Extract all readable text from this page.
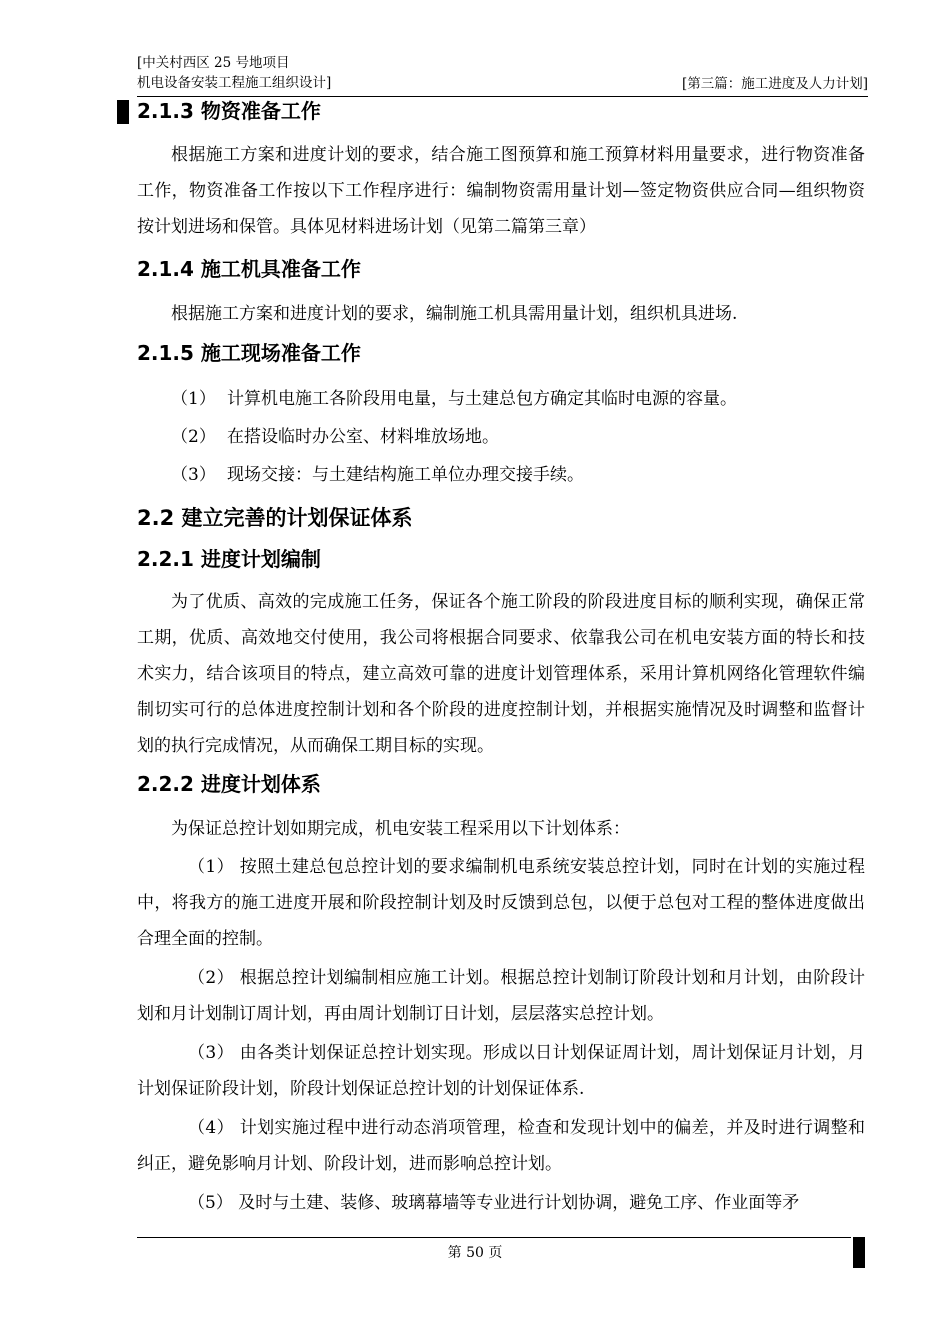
[中关村西区 25 号地项目
机电设备安装工程施工组织设计]	[第三篇：施工进度及人力计划]
2.1.3 物资准备工作

根据施工方案和进度计划的要求，结合施工图预算和施工预算材料用量要求，进行物资准备工作，物资准备工作按以下工作程序进行：编制物资需用量计划—签定物资供应合同—组织物资按计划进场和保管。具体见材料进场计划（见第二篇第三章）

2.1.4 施工机具准备工作

根据施工方案和进度计划的要求，编制施工机具需用量计划，组织机具进场.

2.1.5 施工现场准备工作

（1） 计算机电施工各阶段用电量，与土建总包方确定其临时电源的容量。

（2） 在搭设临时办公室、材料堆放场地。

（3） 现场交接：与土建结构施工单位办理交接手续。

2.2 建立完善的计划保证体系
2.2.1 进度计划编制

为了优质、高效的完成施工任务，保证各个施工阶段的阶段进度目标的顺利实现，确保正常工期，优质、高效地交付使用，我公司将根据合同要求、依靠我公司在机电安装方面的特长和技术实力，结合该项目的特点，建立高效可靠的进度计划管理体系，采用计算机网络化管理软件编制切实可行的总体进度控制计划和各个阶段的进度控制计划，并根据实施情况及时调整和监督计划的执行完成情况，从而确保工期目标的实现。

2.2.2 进度计划体系

为保证总控计划如期完成，机电安装工程采用以下计划体系：

（1） 按照土建总包总控计划的要求编制机电系统安装总控计划，同时在计划的实施过程中，将我方的施工进度开展和阶段控制计划及时反馈到总包，以便于总包对工程的整体进度做出合理全面的控制。

（2） 根据总控计划编制相应施工计划。根据总控计划制订阶段计划和月计划，由阶段计划和月计划制订周计划，再由周计划制订日计划，层层落实总控计划。

（3） 由各类计划保证总控计划实现。形成以日计划保证周计划，周计划保证月计划，月计划保证阶段计划，阶段计划保证总控计划的计划保证体系.

（4） 计划实施过程中进行动态消项管理，检查和发现计划中的偏差，并及时进行调整和纠正，避免影响月计划、阶段计划，进而影响总控计划。

（5） 及时与土建、装修、玻璃幕墙等专业进行计划协调，避免工序、作业面等矛

第 50 页
